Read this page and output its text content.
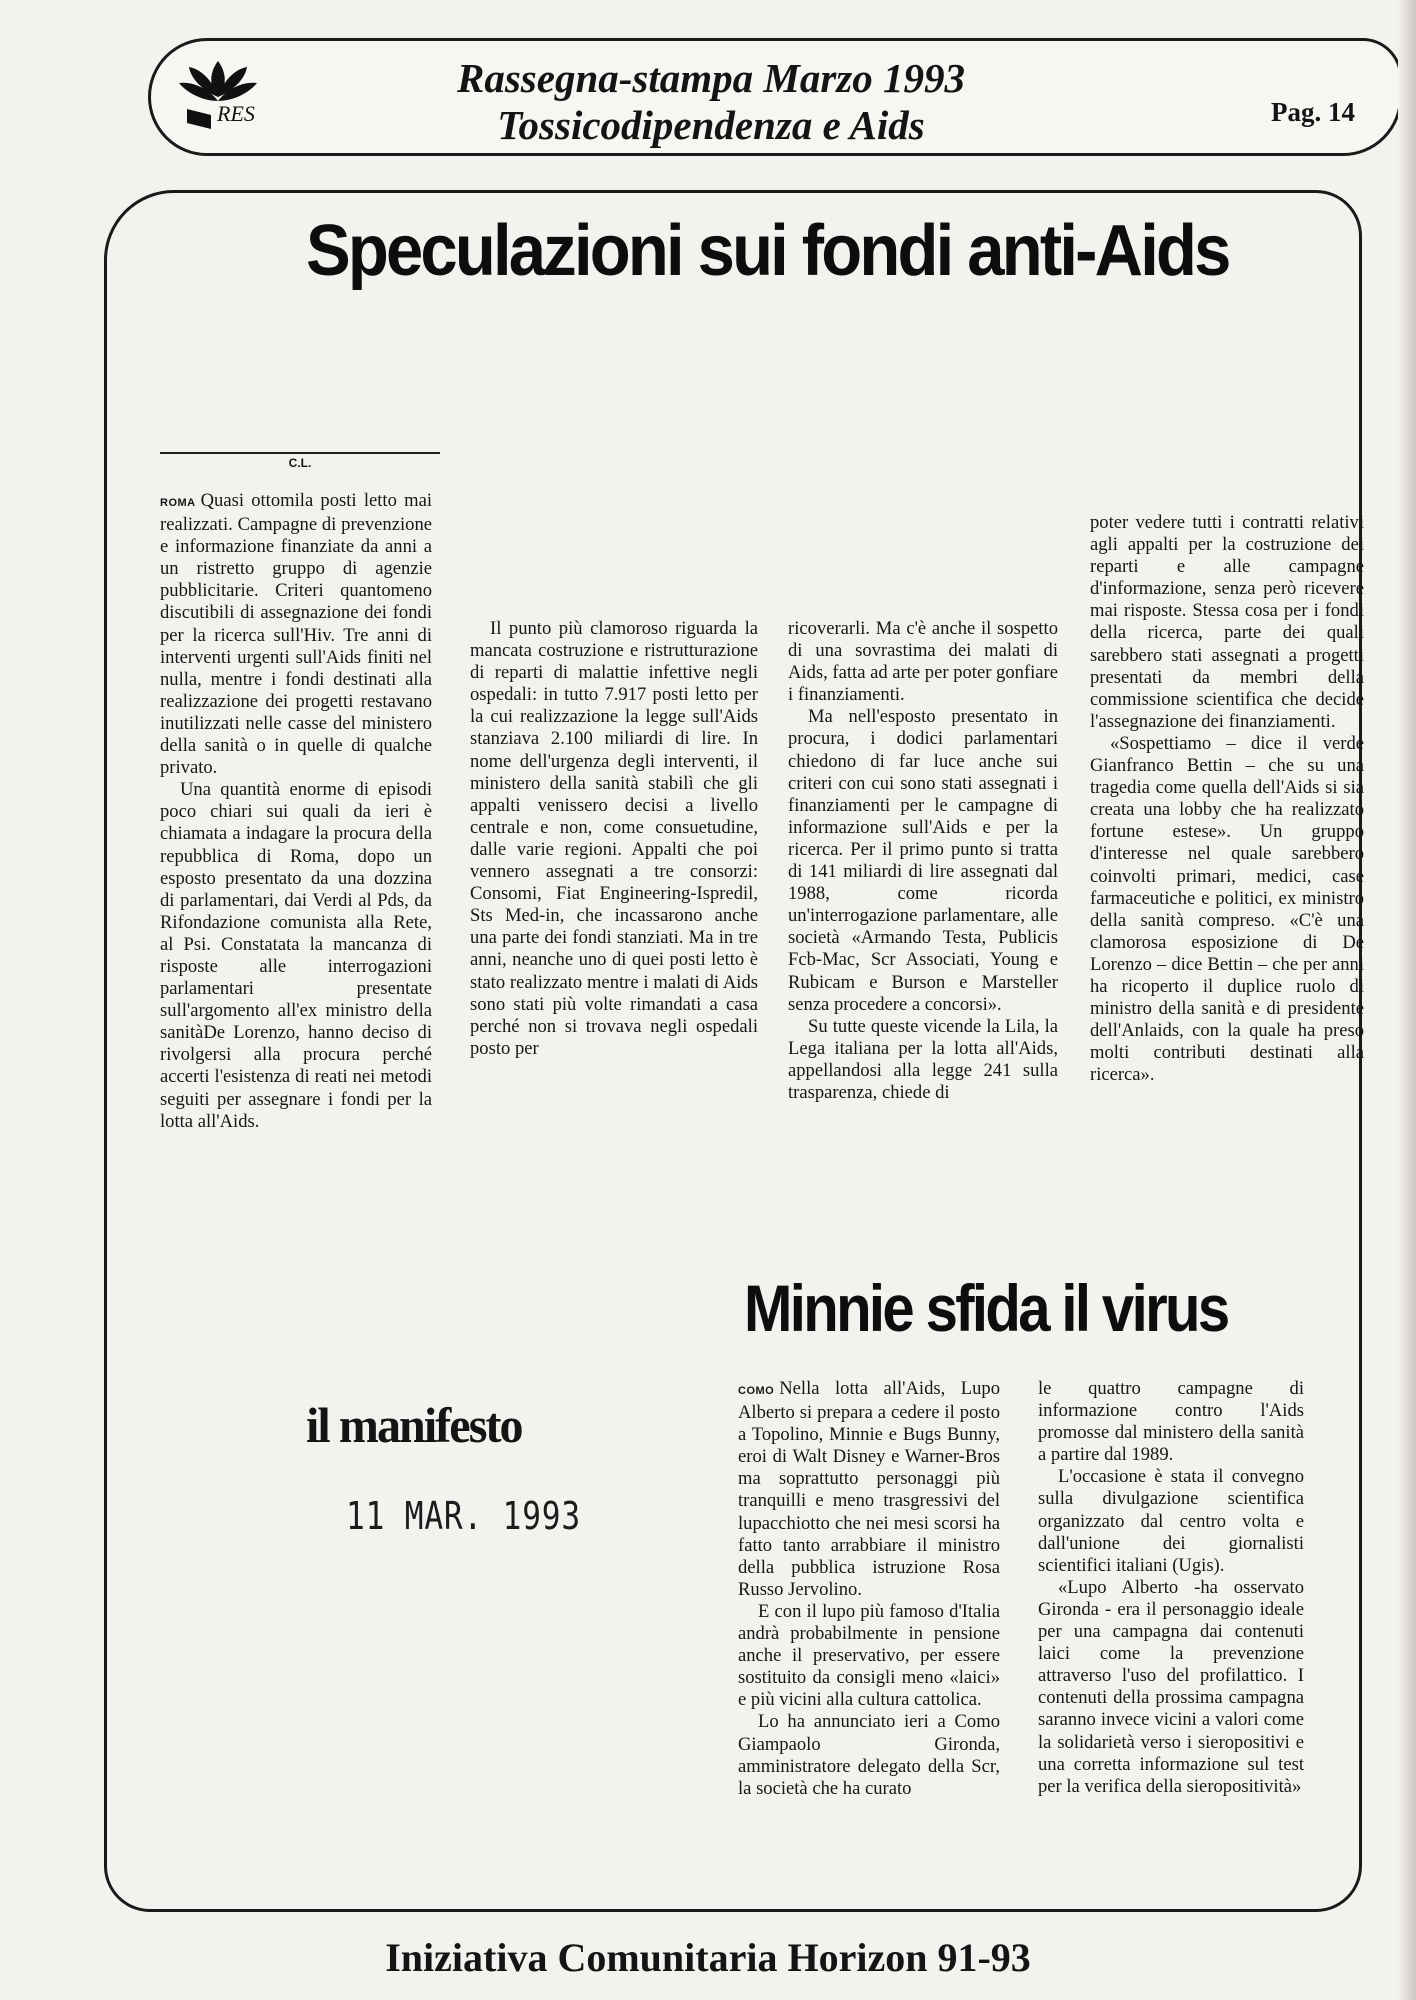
RES
Rassegna-stampa Marzo 1993
Tossicodipendenza e Aids	Pag. 14
Speculazioni sui fondi anti-Aids
C.L.

ROMA Quasi ottomila posti letto mai realizzati. Campagne di prevenzione e informazione finanziate da anni a un ristretto gruppo di agenzie pubblicitarie. Criteri quantomeno discutibili di assegnazione dei fondi per la ricerca sull'Hiv. Tre anni di interventi urgenti sull'Aids finiti nel nulla, mentre i fondi destinati alla realizzazione dei progetti restavano inutilizzati nelle casse del ministero della sanità o in quelle di qualche privato.

Una quantità enorme di episodi poco chiari sui quali da ieri è chiamata a indagare la procura della repubblica di Roma, dopo un esposto presentato da una dozzina di parlamentari, dai Verdi al Pds, da Rifondazione comunista alla Rete, al Psi. Constatata la mancanza di risposte alle interrogazioni parlamentari presentate sull'argomento all'ex ministro della sanitàDe Lorenzo, hanno deciso di rivolgersi alla procura perché accerti l'esistenza di reati nei metodi seguiti per assegnare i fondi per la lotta all'Aids.

Il punto più clamoroso riguarda la mancata costruzione e ristrutturazione di reparti di malattie infettive negli ospedali: in tutto 7.917 posti letto per la cui realizzazione la legge sull'Aids stanziava 2.100 miliardi di lire. In nome dell'urgenza degli interventi, il ministero della sanità stabilì che gli appalti venissero decisi a livello centrale e non, come consuetudine, dalle varie regioni. Appalti che poi vennero assegnati a tre consorzi: Consomi, Fiat Engineering-Ispredil, Sts Med-in, che incassarono anche una parte dei fondi stanziati. Ma in tre anni, neanche uno di quei posti letto è stato realizzato mentre i malati di Aids sono stati più volte rimandati a casa perché non si trovava negli ospedali posto per

ricoverarli. Ma c'è anche il sospetto di una sovrastima dei malati di Aids, fatta ad arte per poter gonfiare i finanziamenti.

Ma nell'esposto presentato in procura, i dodici parlamentari chiedono di far luce anche sui criteri con cui sono stati assegnati i finanziamenti per le campagne di informazione sull'Aids e per la ricerca. Per il primo punto si tratta di 141 miliardi di lire assegnati dal 1988, come ricorda un'interrogazione parlamentare, alle società «Armando Testa, Publicis Fcb-Mac, Scr Associati, Young e Rubicam e Burson e Marsteller senza procedere a concorsi».

Su tutte queste vicende la Lila, la Lega italiana per la lotta all'Aids, appellandosi alla legge 241 sulla trasparenza, chiede di

poter vedere tutti i contratti relativi agli appalti per la costruzione dei reparti e alle campagne d'informazione, senza però ricevere mai risposte. Stessa cosa per i fondi della ricerca, parte dei quali sarebbero stati assegnati a progetti presentati da membri della commissione scientifica che decide l'assegnazione dei finanziamenti.

«Sospettiamo – dice il verde Gianfranco Bettin – che su una tragedia come quella dell'Aids si sia creata una lobby che ha realizzato fortune estese». Un gruppo d'interesse nel quale sarebbero coinvolti primari, medici, case farmaceutiche e politici, ex ministro della sanità compreso. «C'è una clamorosa esposizione di De Lorenzo – dice Bettin – che per anni ha ricoperto il duplice ruolo di ministro della sanità e di presidente dell'Anlaids, con la quale ha preso molti contributi destinati alla ricerca».

Minnie sfida il virus
il manifesto
11 MAR. 1993

COMO Nella lotta all'Aids, Lupo Alberto si prepara a cedere il posto a Topolino, Minnie e Bugs Bunny, eroi di Walt Disney e Warner-Bros ma soprattutto personaggi più tranquilli e meno trasgressivi del lupacchiotto che nei mesi scorsi ha fatto tanto arrabbiare il ministro della pubblica istruzione Rosa Russo Jervolino.

E con il lupo più famoso d'Italia andrà probabilmente in pensione anche il preservativo, per essere sostituito da consigli meno «laici» e più vicini alla cultura cattolica.

Lo ha annunciato ieri a Como Giampaolo Gironda, amministratore delegato della Scr, la società che ha curato

le quattro campagne di informazione contro l'Aids promosse dal ministero della sanità a partire dal 1989.

L'occasione è stata il convegno sulla divulgazione scientifica organizzato dal centro volta e dall'unione dei giornalisti scientifici italiani (Ugis).

«Lupo Alberto -ha osservato Gironda - era il personaggio ideale per una campagna dai contenuti laici come la prevenzione attraverso l'uso del profilattico. I contenuti della prossima campagna saranno invece vicini a valori come la solidarietà verso i sieropositivi e una corretta informazione sul test per la verifica della sieropositività»

Iniziativa Comunitaria Horizon 91-93
